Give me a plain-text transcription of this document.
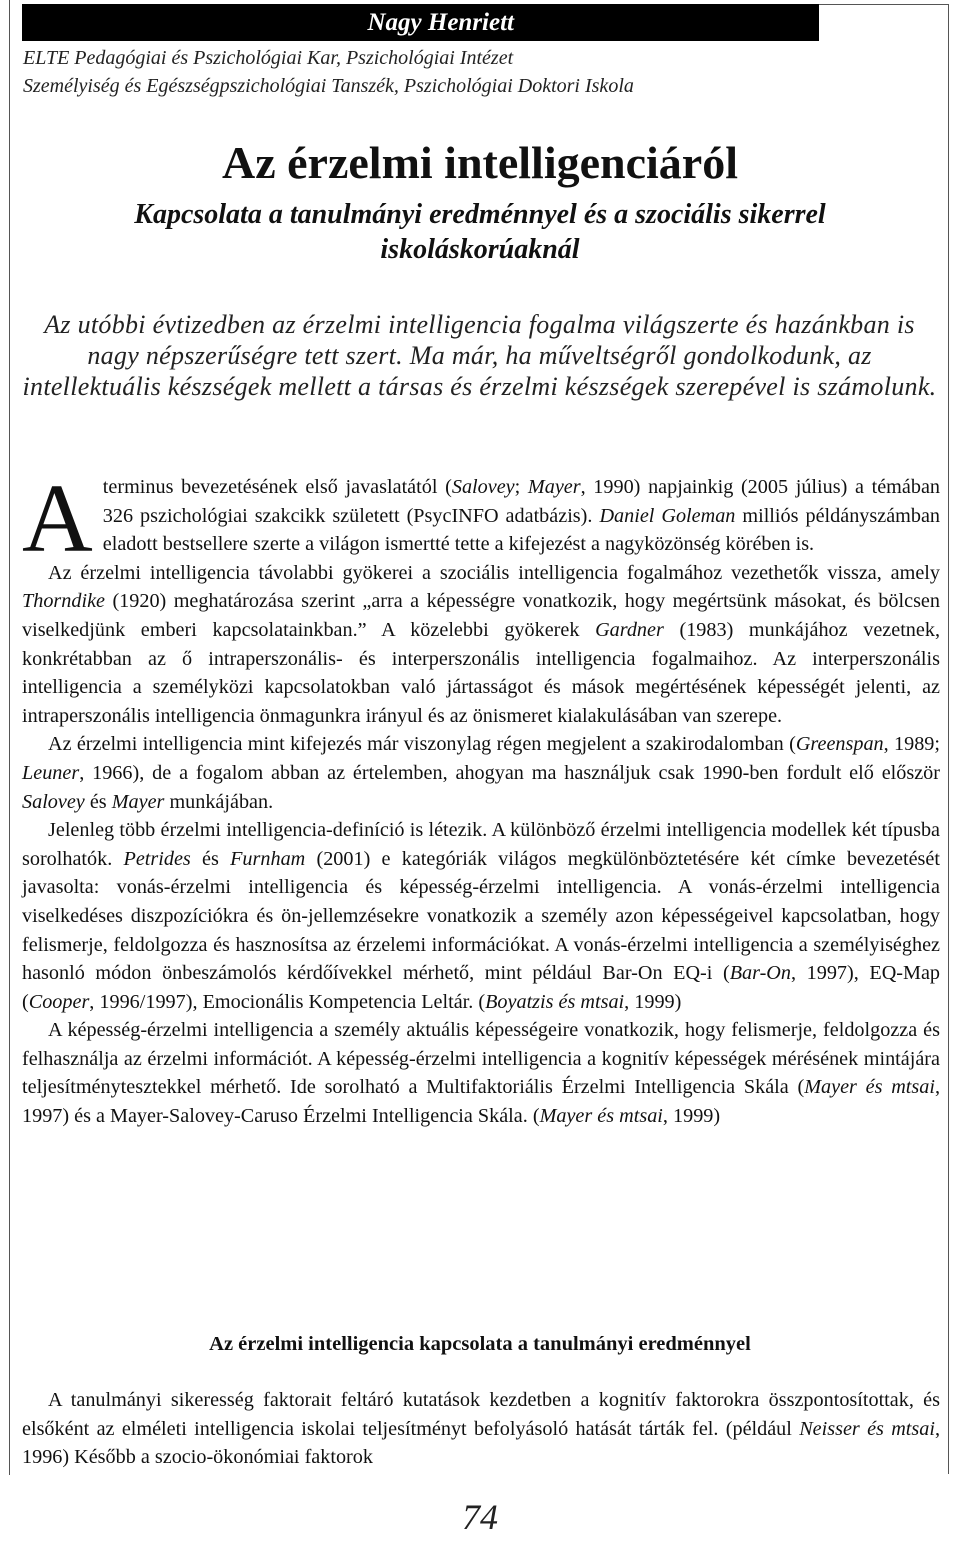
Nagy Henriett
ELTE Pedagógiai és Pszichológiai Kar, Pszichológiai Intézet
Személyiség és Egészségpszichológiai Tanszék, Pszichológiai Doktori Iskola
Az érzelmi intelligenciáról
Kapcsolata a tanulmányi eredménnyel és a szociális sikerrel
iskoláskorúaknál
Az utóbbi évtizedben az érzelmi intelligencia fogalma világszerte és hazánkban is nagy népszerűségre tett szert. Ma már, ha műveltségről gondolkodunk, az intellektuális készségek mellett a társas és érzelmi készségek szerepével is számolunk.

A terminus bevezetésének első javaslatától (Salovey; Mayer, 1990) napjainkig (2005 július) a témában 326 pszichológiai szakcikk született (PsycINFO adatbázis). Daniel Goleman milliós példányszámban eladott bestsellere szerte a világon ismertté tette a kifejezést a nagyközönség körében is.

Az érzelmi intelligencia távolabbi gyökerei a szociális intelligencia fogalmához vezethetők vissza, amely Thorndike (1920) meghatározása szerint „arra a képességre vonatkozik, hogy megértsünk másokat, és bölcsen viselkedjünk emberi kapcsolatainkban.” A közelebbi gyökerek Gardner (1983) munkájához vezetnek, konkrétabban az ő intraperszonális- és interperszonális intelligencia fogalmaihoz. Az interperszonális intelligencia a személyközi kapcsolatokban való jártasságot és mások megértésének képességét jelenti, az intraperszonális intelligencia önmagunkra irányul és az önismeret kialakulásában van szerepe.

Az érzelmi intelligencia mint kifejezés már viszonylag régen megjelent a szakirodalomban (Greenspan, 1989; Leuner, 1966), de a fogalom abban az értelemben, ahogyan ma használjuk csak 1990-ben fordult elő először Salovey és Mayer munkájában.

Jelenleg több érzelmi intelligencia-definíció is létezik. A különböző érzelmi intelligencia modellek két típusba sorolhatók. Petrides és Furnham (2001) e kategóriák világos megkülönböztetésére két címke bevezetését javasolta: vonás-érzelmi intelligencia és képesség-érzelmi intelligencia. A vonás-érzelmi intelligencia viselkedéses diszpozíciókra és ön-jellemzésekre vonatkozik a személy azon képességeivel kapcsolatban, hogy felismerje, feldolgozza és hasznosítsa az érzelemi információkat. A vonás-érzelmi intelligencia a személyiséghez hasonló módon önbeszámolós kérdőívekkel mérhető, mint például Bar-On EQ-i (Bar-On, 1997), EQ-Map (Cooper, 1996/1997), Emocionális Kompetencia Leltár. (Boyatzis és mtsai, 1999)

A képesség-érzelmi intelligencia a személy aktuális képességeire vonatkozik, hogy felismerje, feldolgozza és felhasználja az érzelmi információt. A képesség-érzelmi intelligencia a kognitív képességek mérésének mintájára teljesítménytesztekkel mérhető. Ide sorolható a Multifaktoriális Érzelmi Intelligencia Skála (Mayer és mtsai, 1997) és a Mayer-Salovey-Caruso Érzelmi Intelligencia Skála. (Mayer és mtsai, 1999)

Az érzelmi intelligencia kapcsolata a tanulmányi eredménnyel

A tanulmányi sikeresség faktorait feltáró kutatások kezdetben a kognitív faktorokra összpontosítottak, és elsőként az elméleti intelligencia iskolai teljesítményt befolyásoló hatását tárták fel. (például Neisser és mtsai, 1996) Később a szocio-ökonómiai faktorok

74
